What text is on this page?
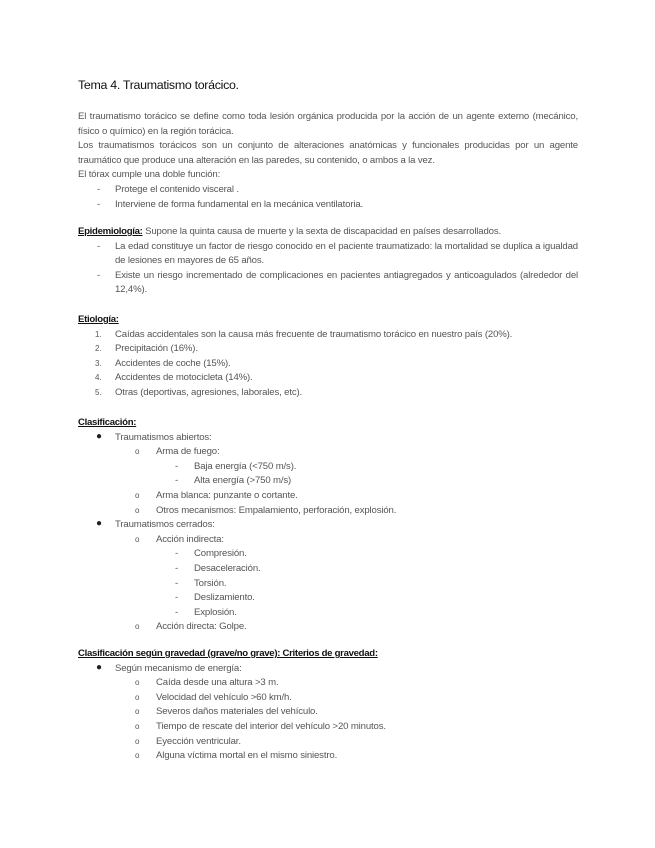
Tema 4. Traumatismo torácico.

El traumatismo torácico se define como toda lesión orgánica producida por la acción de un agente externo (mecánico, físico o químico) en la región torácica.

Los traumatismos torácicos son un conjunto de alteraciones anatómicas y funcionales producidas por un agente traumático que produce una alteración en las paredes, su contenido, o ambos a la vez.

El tórax cumple una doble función:

- Protege el contenido visceral .
- Interviene de forma fundamental en la mecánica ventilatoria.

Epidemiología: Supone la quinta causa de muerte y la sexta de discapacidad en países desarrollados.

- La edad constituye un factor de riesgo conocido en el paciente traumatizado: la mortalidad se duplica a igualdad de lesiones en mayores de 65 años.
- Existe un riesgo incrementado de complicaciones en pacientes antiagregados y anticoagulados (alrededor del 12,4%).

Etiología:

1. Caídas accidentales son la causa más frecuente de traumatismo torácico en nuestro país (20%).
2. Precipitación (16%).
3. Accidentes de coche (15%).
4. Accidentes de motocicleta (14%).
5. Otras (deportivas, agresiones, laborales, etc).

Clasificación:

● Traumatismos abiertos:
o Arma de fuego:
- Baja energía (<750 m/s).
- Alta energía (>750 m/s)
o Arma blanca: punzante o cortante.
o Otros mecanismos: Empalamiento, perforación, explosión.
● Traumatismos cerrados:
o Acción indirecta:
- Compresión.
- Desaceleración.
- Torsión.
- Deslizamiento.
- Explosión.
o Acción directa: Golpe.

Clasificación según gravedad (grave/no grave): Criterios de gravedad:

● Según mecanismo de energía:
o Caída desde una altura >3 m.
o Velocidad del vehículo >60 km/h.
o Severos daños materiales del vehículo.
o Tiempo de rescate del interior del vehículo >20 minutos.
o Eyección ventricular.
o Alguna víctima mortal en el mismo siniestro.
